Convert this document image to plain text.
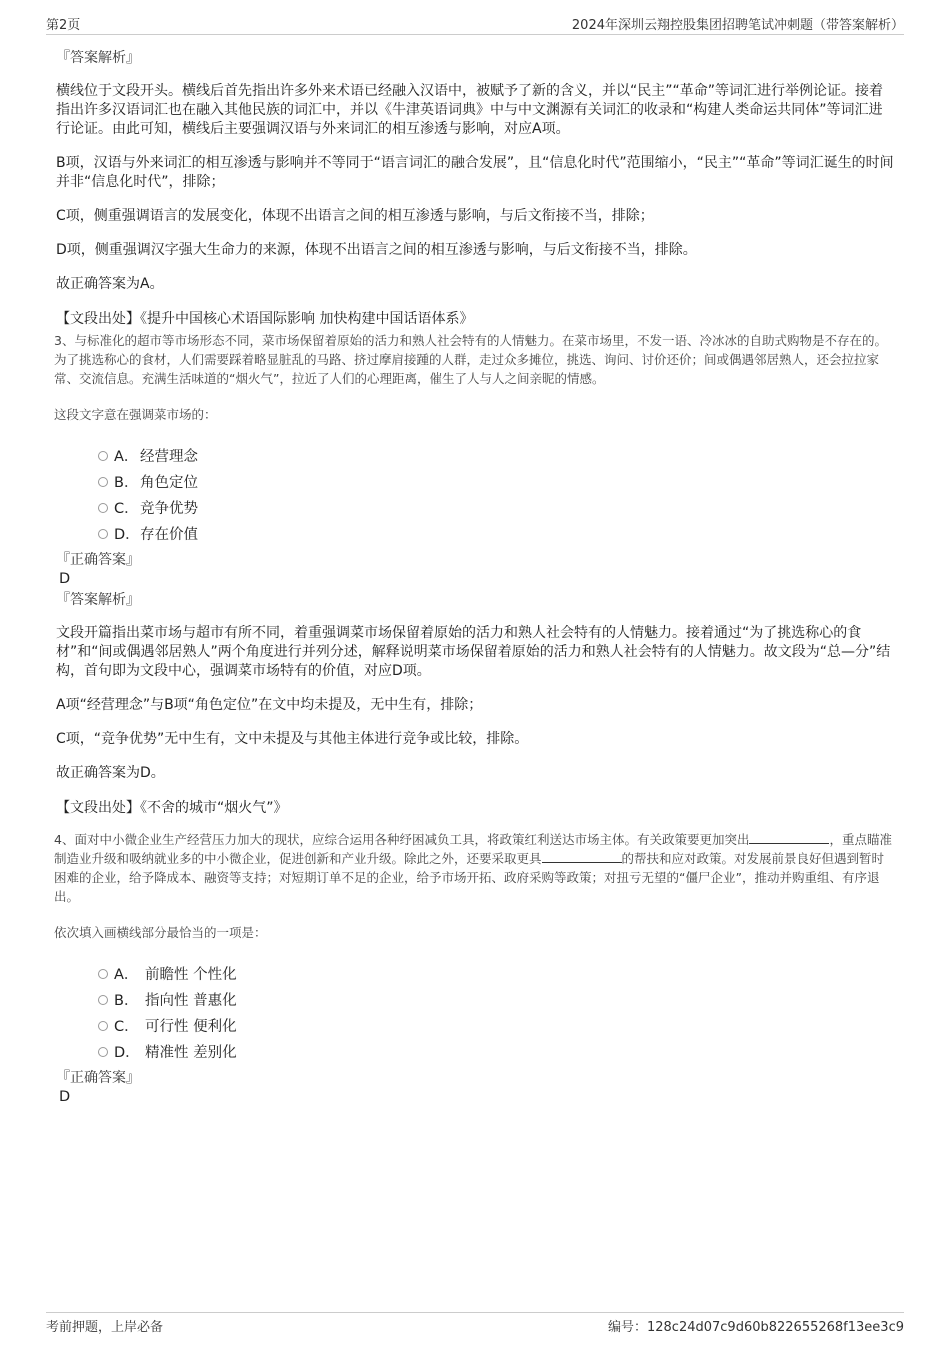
第2页	2024年深圳云翔控股集团招聘笔试冲刺题（带答案解析）
『答案解析』

横线位于文段开头。横线后首先指出许多外来术语已经融入汉语中，被赋予了新的含义，并以“民主”“革命”等词汇进行举例论证。接着指出许多汉语词汇也在融入其他民族的词汇中，并以《牛津英语词典》中与中文渊源有关词汇的收录和“构建人类命运共同体”等词汇进行论证。由此可知，横线后主要强调汉语与外来词汇的相互渗透与影响，对应A项。

B项，汉语与外来词汇的相互渗透与影响并不等同于“语言词汇的融合发展”，且“信息化时代”范围缩小，“民主”“革命”等词汇诞生的时间并非“信息化时代”，排除；

C项，侧重强调语言的发展变化，体现不出语言之间的相互渗透与影响，与后文衔接不当，排除；

D项，侧重强调汉字强大生命力的来源，体现不出语言之间的相互渗透与影响，与后文衔接不当，排除。

故正确答案为A。

【文段出处】《提升中国核心术语国际影响 加快构建中国话语体系》

3、与标准化的超市等市场形态不同，菜市场保留着原始的活力和熟人社会特有的人情魅力。在菜市场里，不发一语、冷冰冰的自助式购物是不存在的。为了挑选称心的食材，人们需要踩着略显脏乱的马路、挤过摩肩接踵的人群，走过众多摊位，挑选、询问、讨价还价；间或偶遇邻居熟人，还会拉拉家常、交流信息。充满生活味道的“烟火气”，拉近了人们的心理距离，催生了人与人之间亲昵的情感。

这段文字意在强调菜市场的：

A． 经营理念
B． 角色定位
C． 竞争优势
D． 存在价值
『正确答案』
D
『答案解析』

文段开篇指出菜市场与超市有所不同，着重强调菜市场保留着原始的活力和熟人社会特有的人情魅力。接着通过“为了挑选称心的食材”和“间或偶遇邻居熟人”两个角度进行并列分述，解释说明菜市场保留着原始的活力和熟人社会特有的人情魅力。故文段为“总—分”结构，首句即为文段中心，强调菜市场特有的价值，对应D项。

A项“经营理念”与B项“角色定位”在文中均未提及，无中生有，排除；

C项，“竞争优势”无中生有，文中未提及与其他主体进行竞争或比较，排除。

故正确答案为D。

【文段出处】《不舍的城市“烟火气”》

4、面对中小微企业生产经营压力加大的现状，应综合运用各种纾困减负工具，将政策红利送达市场主体。有关政策要更加突出	，重点瞄准制造业升级和吸纳就业多的中小微企业，促进创新和产业升级。除此之外，还要采取更具	的帮扶和应对政策。对发展前景良好但遇到暂时困难的企业，给予降成本、融资等支持；对短期订单不足的企业，给予市场开拓、政府采购等政策；对扭亏无望的“僵尸企业”，推动并购重组、有序退出。

依次填入画横线部分最恰当的一项是：

A． 前瞻性 个性化
B． 指向性 普惠化
C． 可行性 便利化
D． 精准性 差别化
『正确答案』
D
考前押题，上岸必备	编号：128c24d07c9d60b822655268f13ee3c9
